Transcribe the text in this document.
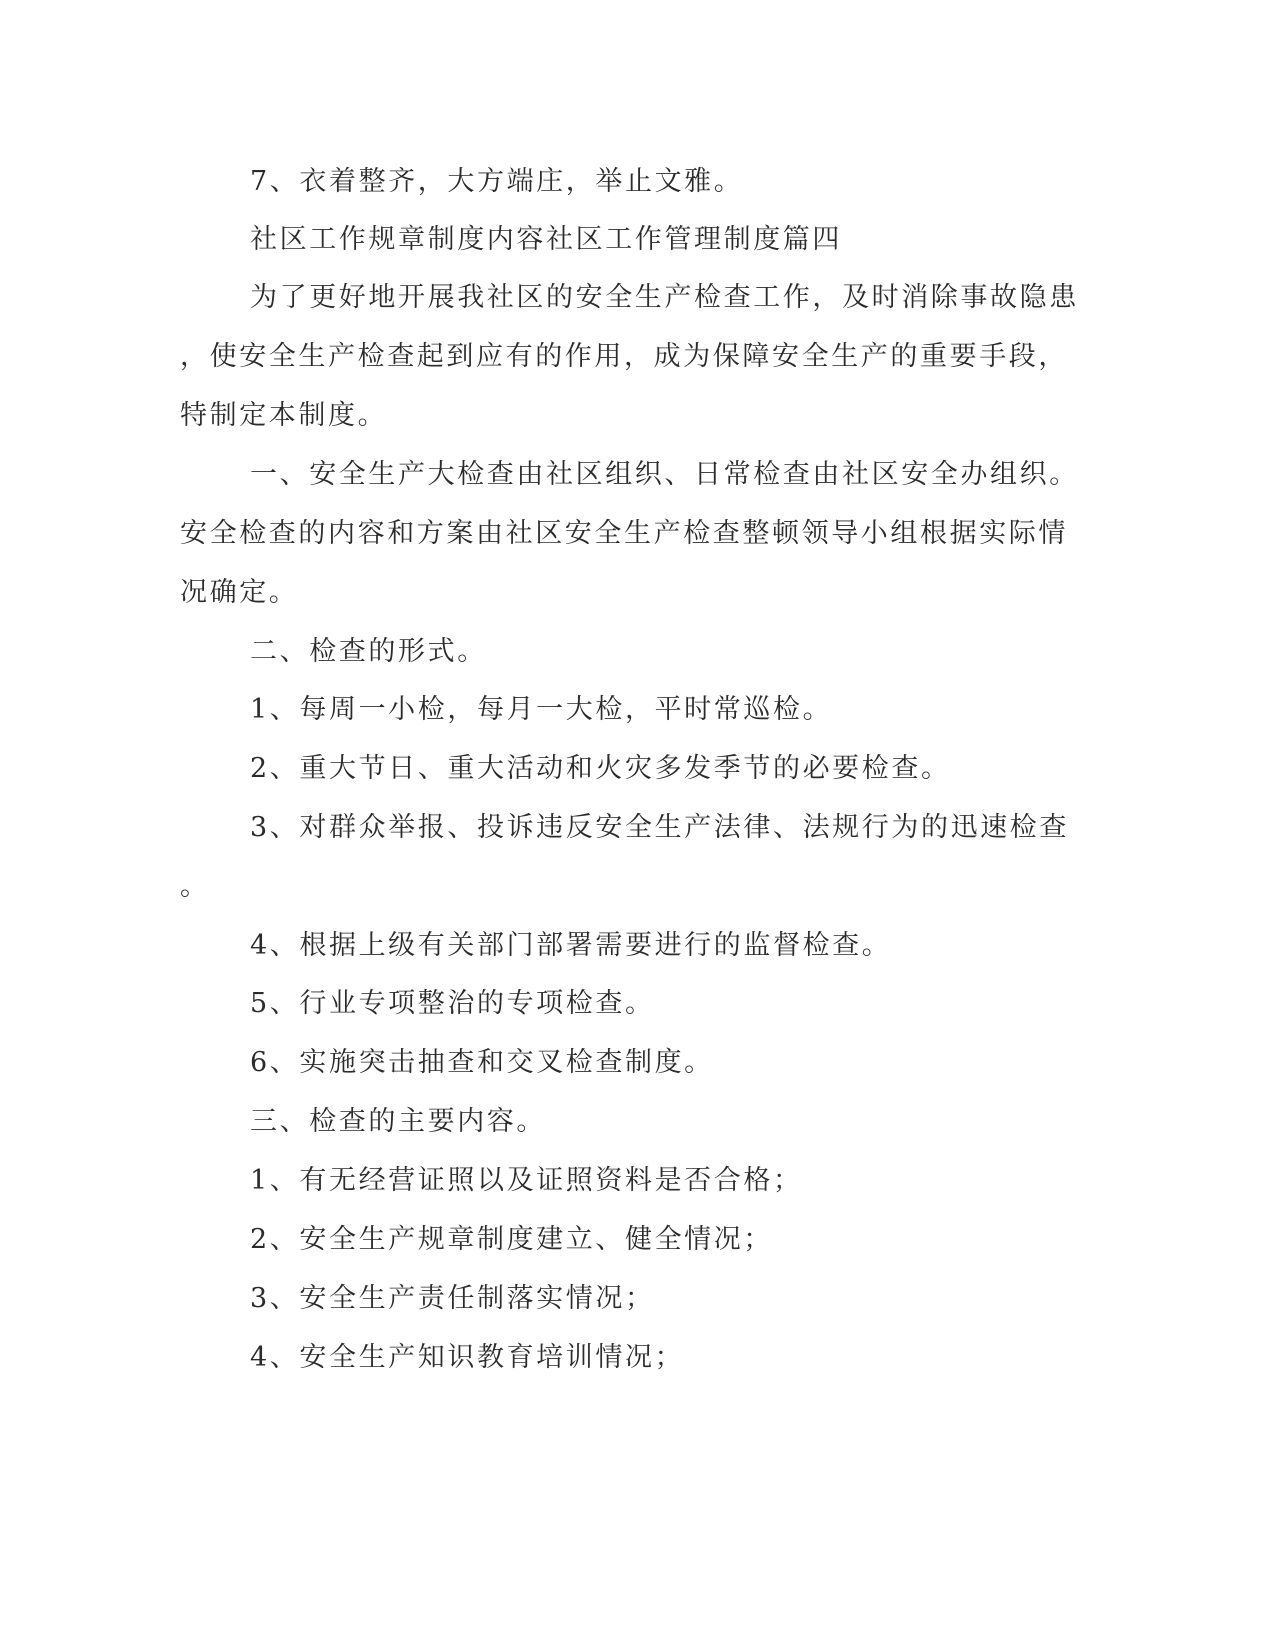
7、衣着整齐，大方端庄，举止文雅。
社区工作规章制度内容社区工作管理制度篇四
为了更好地开展我社区的安全生产检查工作，及时消除事故隐患
，使安全生产检查起到应有的作用，成为保障安全生产的重要手段，
特制定本制度。
一、安全生产大检查由社区组织、日常检查由社区安全办组织。
安全检查的内容和方案由社区安全生产检查整顿领导小组根据实际情
况确定。
二、检查的形式。
1、每周一小检，每月一大检，平时常巡检。
2、重大节日、重大活动和火灾多发季节的必要检查。
3、对群众举报、投诉违反安全生产法律、法规行为的迅速检查
。
4、根据上级有关部门部署需要进行的监督检查。
5、行业专项整治的专项检查。
6、实施突击抽查和交叉检查制度。
三、检查的主要内容。
1、有无经营证照以及证照资料是否合格；
2、安全生产规章制度建立、健全情况；
3、安全生产责任制落实情况；
4、安全生产知识教育培训情况；
